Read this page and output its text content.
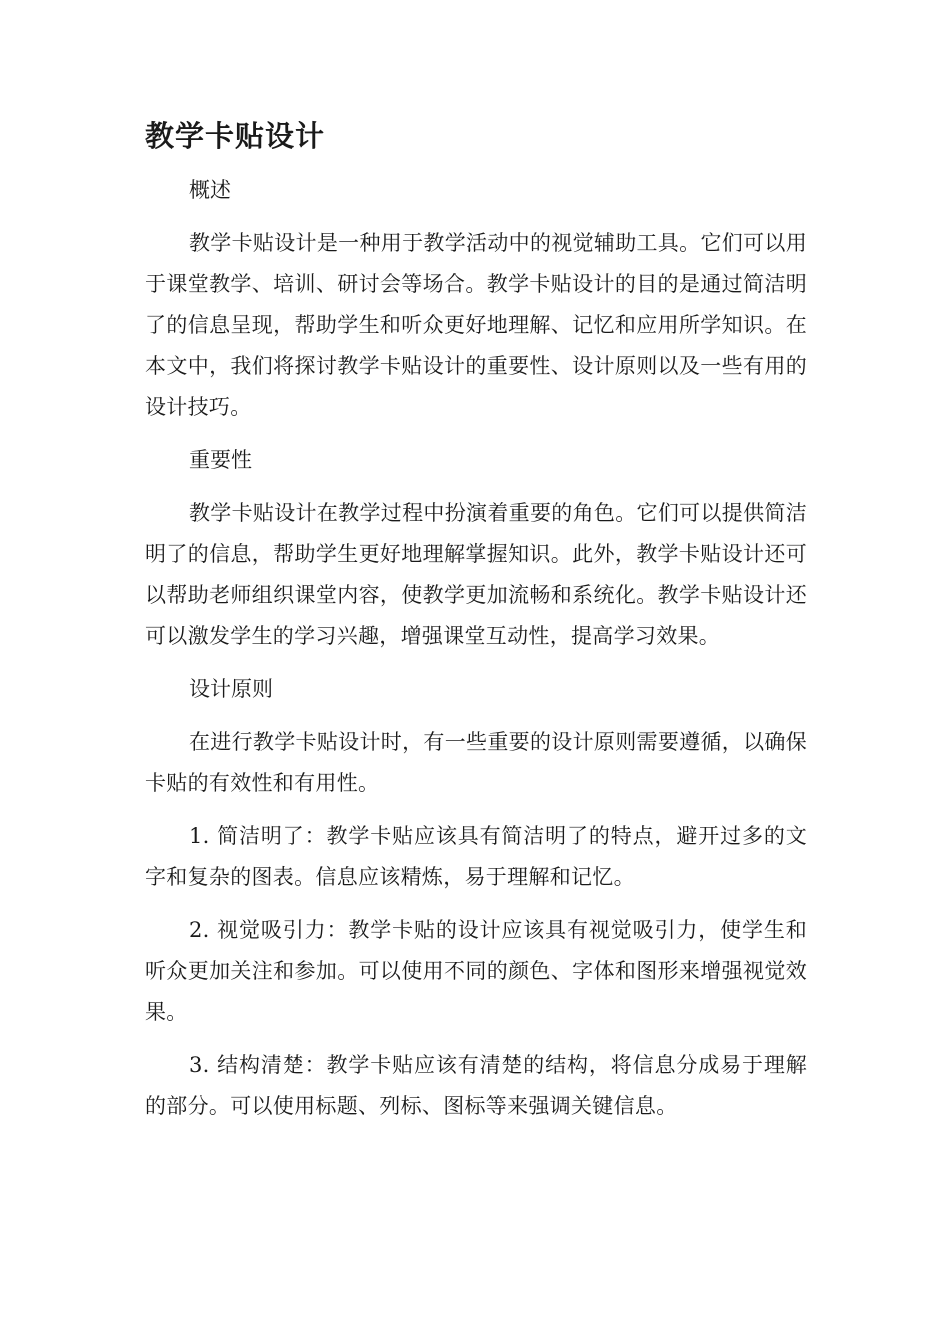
教学卡贴设计

概述

教学卡贴设计是一种用于教学活动中的视觉辅助工具。它们可以用于课堂教学、培训、研讨会等场合。教学卡贴设计的目的是通过简洁明了的信息呈现，帮助学生和听众更好地理解、记忆和应用所学知识。在本文中，我们将探讨教学卡贴设计的重要性、设计原则以及一些有用的设计技巧。

重要性

教学卡贴设计在教学过程中扮演着重要的角色。它们可以提供简洁明了的信息，帮助学生更好地理解掌握知识。此外，教学卡贴设计还可以帮助老师组织课堂内容，使教学更加流畅和系统化。教学卡贴设计还可以激发学生的学习兴趣，增强课堂互动性，提高学习效果。

设计原则

在进行教学卡贴设计时，有一些重要的设计原则需要遵循，以确保卡贴的有效性和有用性。

1. 简洁明了：教学卡贴应该具有简洁明了的特点，避开过多的文字和复杂的图表。信息应该精炼，易于理解和记忆。

2. 视觉吸引力：教学卡贴的设计应该具有视觉吸引力，使学生和听众更加关注和参加。可以使用不同的颜色、字体和图形来增强视觉效果。

3. 结构清楚：教学卡贴应该有清楚的结构，将信息分成易于理解的部分。可以使用标题、列标、图标等来强调关键信息。
